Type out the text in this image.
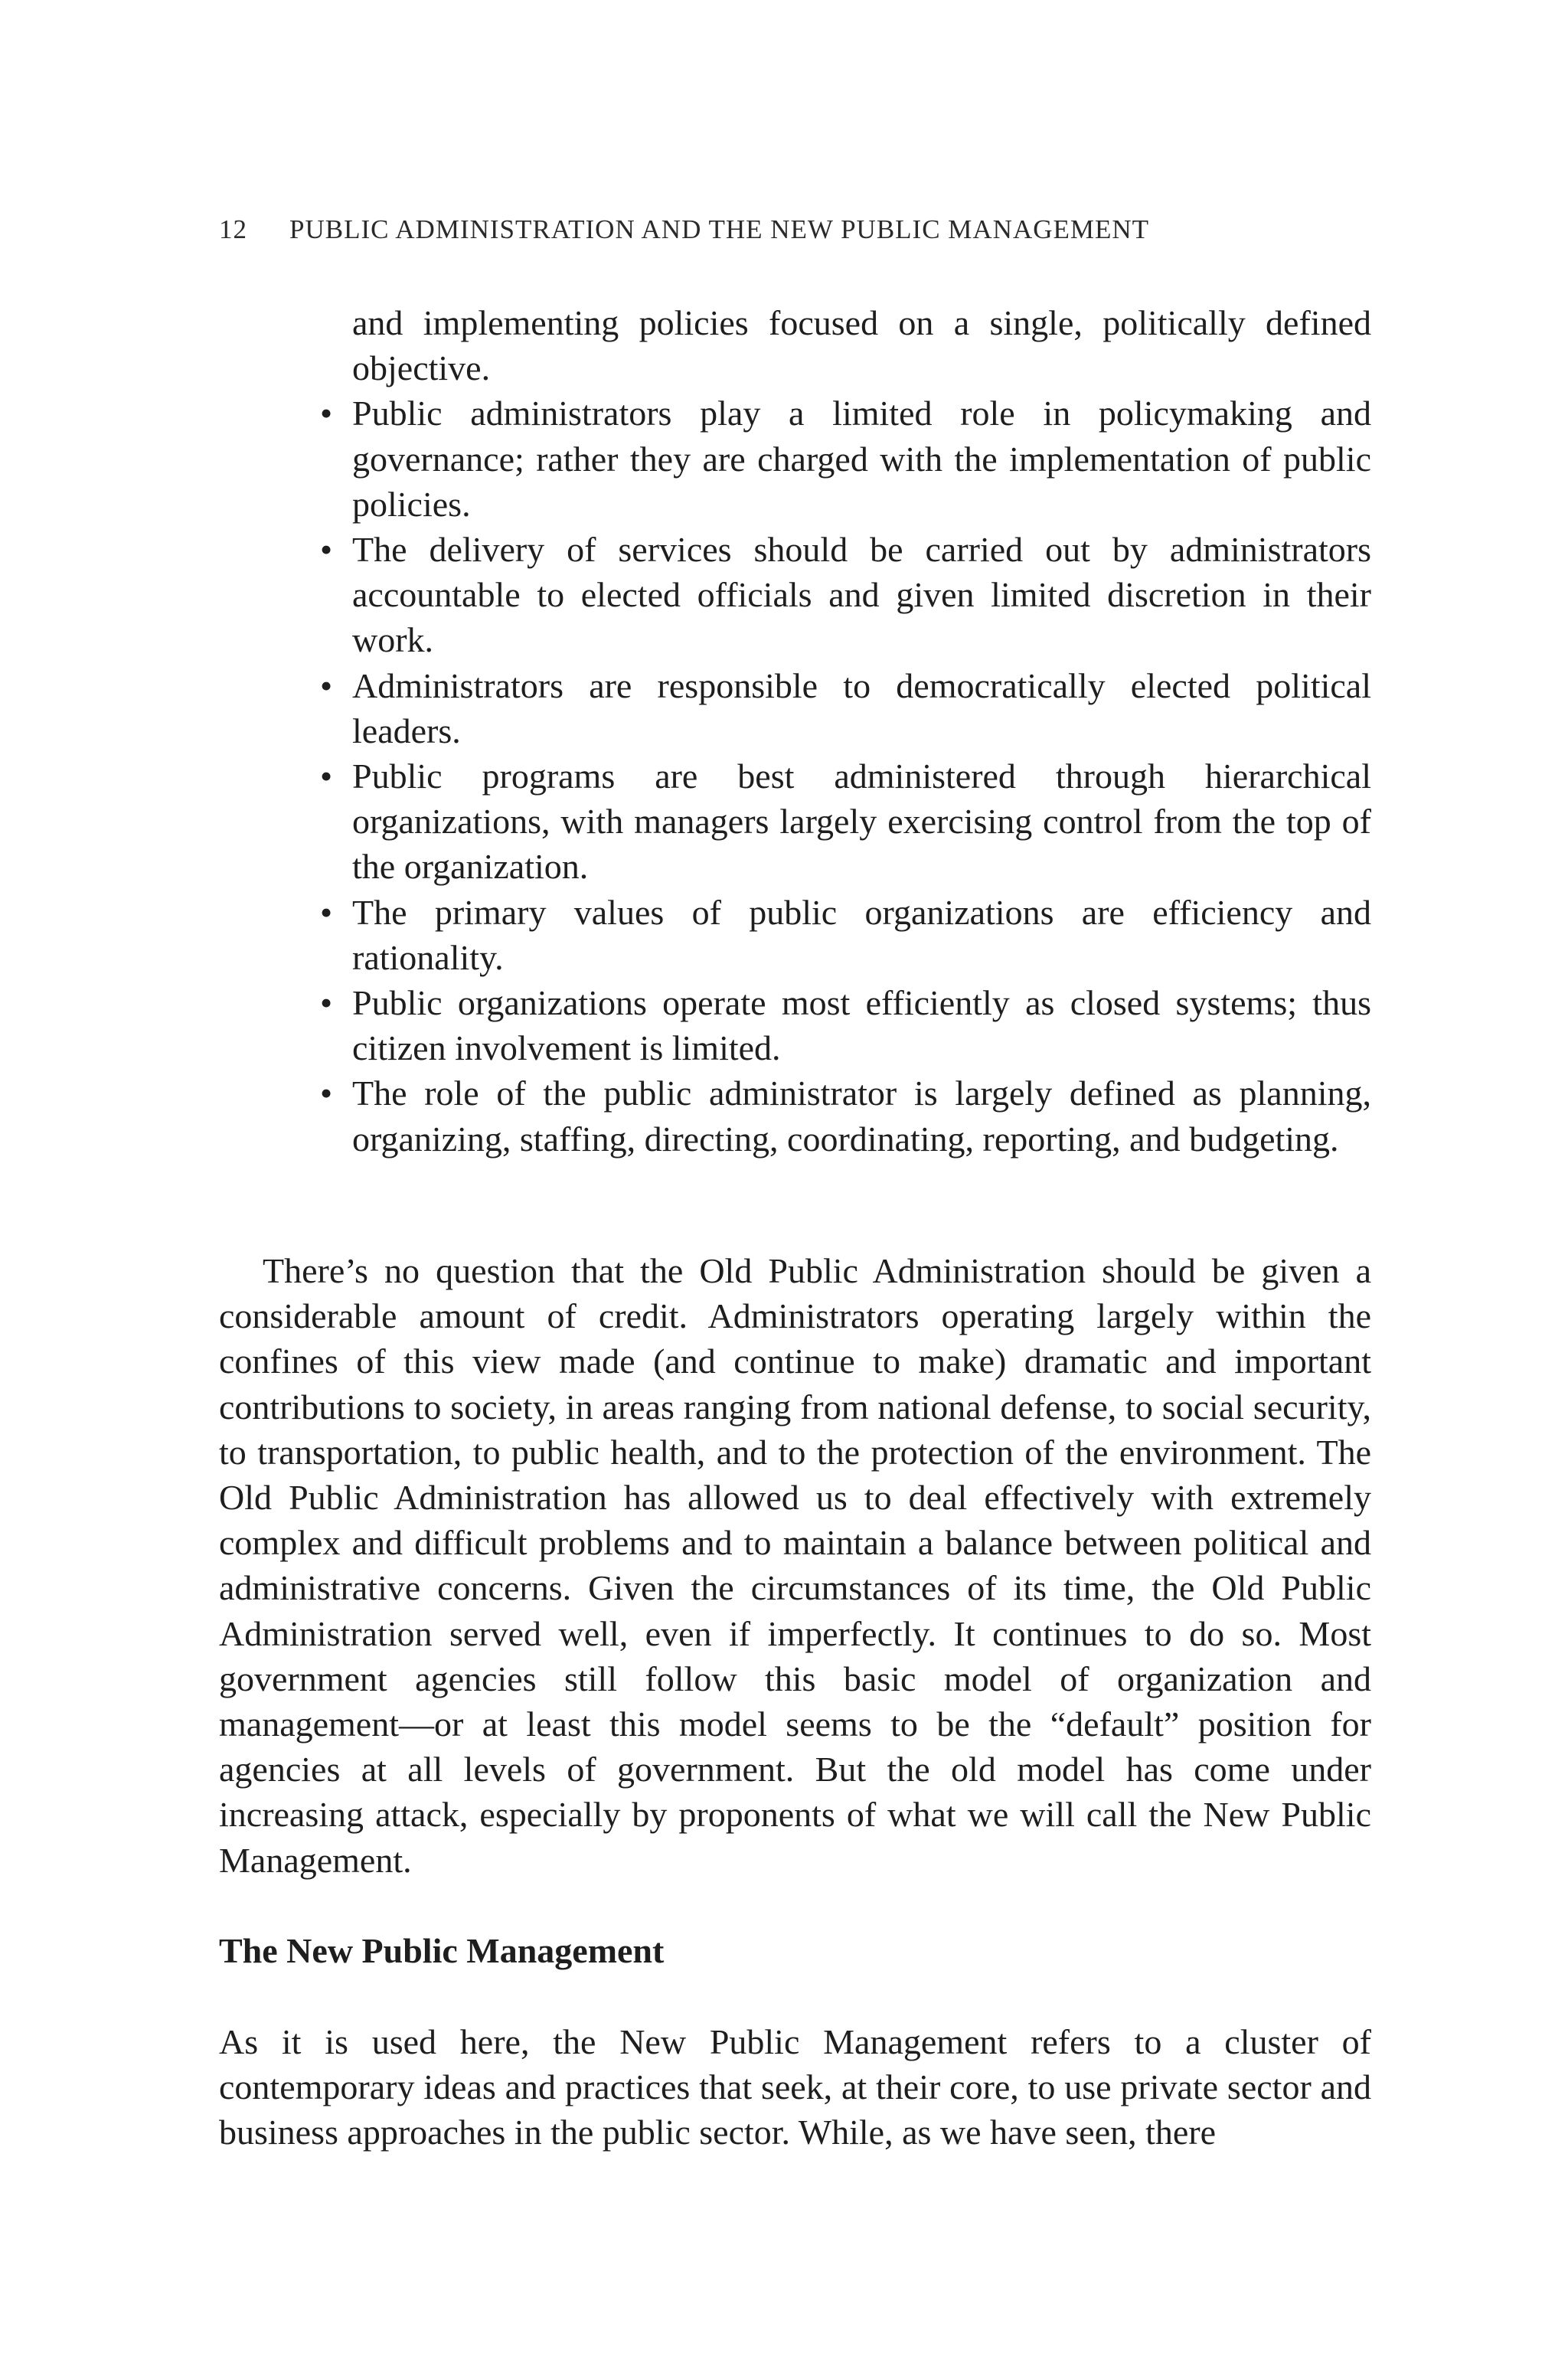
12 PUBLIC ADMINISTRATION AND THE NEW PUBLIC MANAGEMENT
and implementing policies focused on a single, politically defined objective.
• Public administrators play a limited role in policymaking and governance; rather they are charged with the implementation of public policies.
• The delivery of services should be carried out by administrators accountable to elected officials and given limited discretion in their work.
• Administrators are responsible to democratically elected political leaders.
• Public programs are best administered through hierarchical organizations, with managers largely exercising control from the top of the organization.
• The primary values of public organizations are efficiency and rationality.
• Public organizations operate most efficiently as closed systems; thus citizen involvement is limited.
• The role of the public administrator is largely defined as planning, organizing, staffing, directing, coordinating, reporting, and budgeting.

There’s no question that the Old Public Administration should be given a considerable amount of credit. Administrators operating largely within the confines of this view made (and continue to make) dramatic and important contributions to society, in areas ranging from national defense, to social security, to transportation, to public health, and to the protection of the environment. The Old Public Administration has allowed us to deal effectively with extremely complex and difficult problems and to maintain a balance between political and administrative concerns. Given the circumstances of its time, the Old Public Administration served well, even if imperfectly. It continues to do so. Most government agencies still follow this basic model of organization and management—or at least this model seems to be the “default” position for agencies at all levels of government. But the old model has come under increasing attack, especially by proponents of what we will call the New Public Management.

The New Public Management

As it is used here, the New Public Management refers to a cluster of contemporary ideas and practices that seek, at their core, to use private sector and business approaches in the public sector. While, as we have seen, there
